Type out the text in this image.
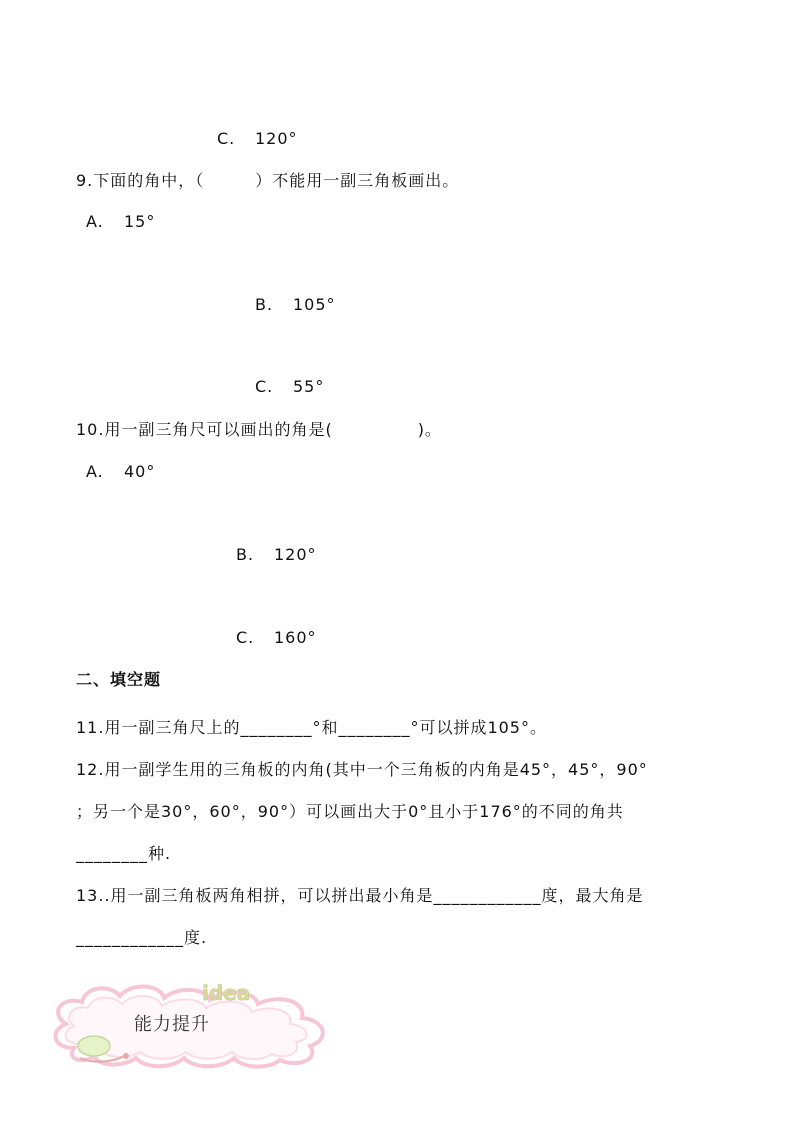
C. 120°
9.下面的角中，（　　　）不能用一副三角板画出。
A. 15°
B. 105°
C. 55°
10.用一副三角尺可以画出的角是(　　　　　)。
A. 40°
B. 120°
C. 160°
二、填空题
11.用一副三角尺上的________°和________°可以拼成105°。
12.用一副学生用的三角板的内角(其中一个三角板的内角是45°，45°，90°
；另一个是30°，60°，90°）可以画出大于0°且小于176°的不同的角共
________种.
13..用一副三角板两角相拼，可以拼出最小角是____________度，最大角是
____________度.
idea
能力提升
